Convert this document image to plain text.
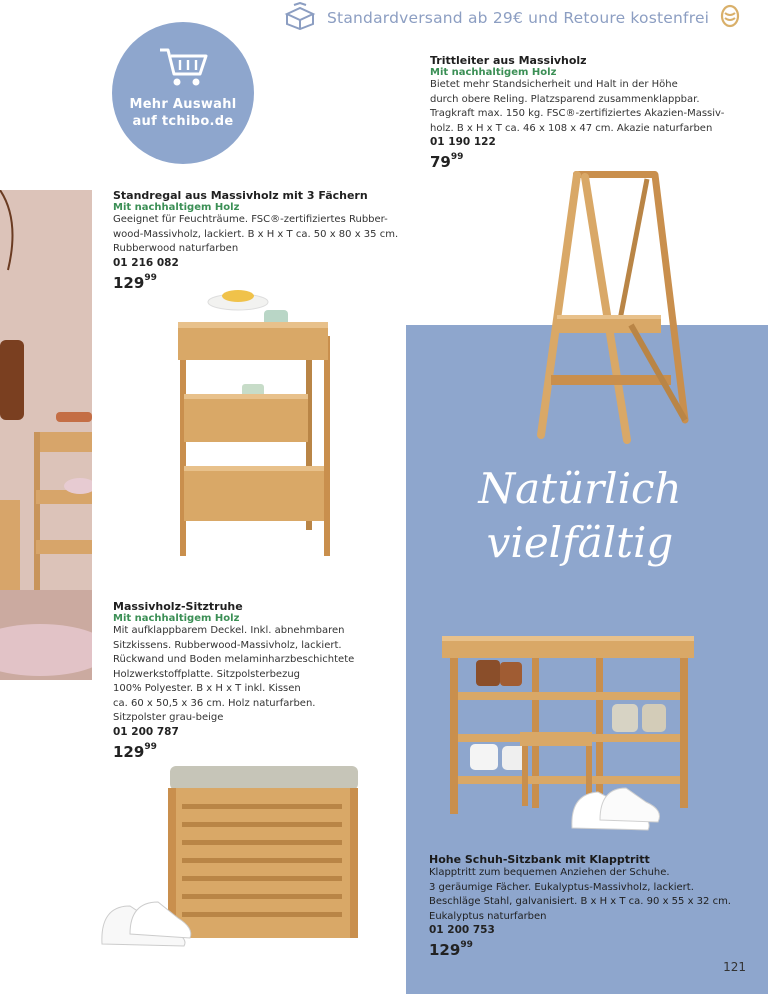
Standardversand ab 29€ und Retoure kostenfrei
Mehr Auswahl
auf tchibo.de
Natürlich
vielfältig
Trittleiter aus Massivholz
Mit nachhaltigem Holz
Bietet mehr Standsicherheit und Halt in der Höhe
durch obere Reling. Platzsparend zusammenklappbar.
Tragkraft max. 150 kg. FSC®-zertifiziertes Akazien-Massiv-
holz. B x H x T ca. 46 x 108 x 47 cm. Akazie naturfarben
01 190 122
$79^{99}$
Standregal aus Massivholz mit 3 Fächern
Mit nachhaltigem Holz
Geeignet für Feuchträume. FSC®-zertifiziertes Rubber-
wood-Massivholz, lackiert. B x H x T ca. 50 x 80 x 35 cm.
Rubberwood naturfarben
01 216 082
$129^{99}$
Massivholz-Sitztruhe
Mit nachhaltigem Holz
Mit aufklappbarem Deckel. Inkl. abnehmbaren
Sitzkissens. Rubberwood-Massivholz, lackiert.
Rückwand und Boden melaminharzbeschichtete
Holzwerkstoffplatte. Sitzpolsterbezug
100% Polyester. B x H x T inkl. Kissen
ca. 60 x 50,5 x 36 cm. Holz naturfarben.
Sitzpolster grau-beige
01 200 787
$129^{99}$
Hohe Schuh-Sitzbank mit Klapptritt
Klapptritt zum bequemen Anziehen der Schuhe.
3 geräumige Fächer. Eukalyptus-Massivholz, lackiert.
Beschläge Stahl, galvanisiert. B x H x T ca. 90 x 55 x 32 cm.
Eukalyptus naturfarben
01 200 753
$129^{99}$
121
